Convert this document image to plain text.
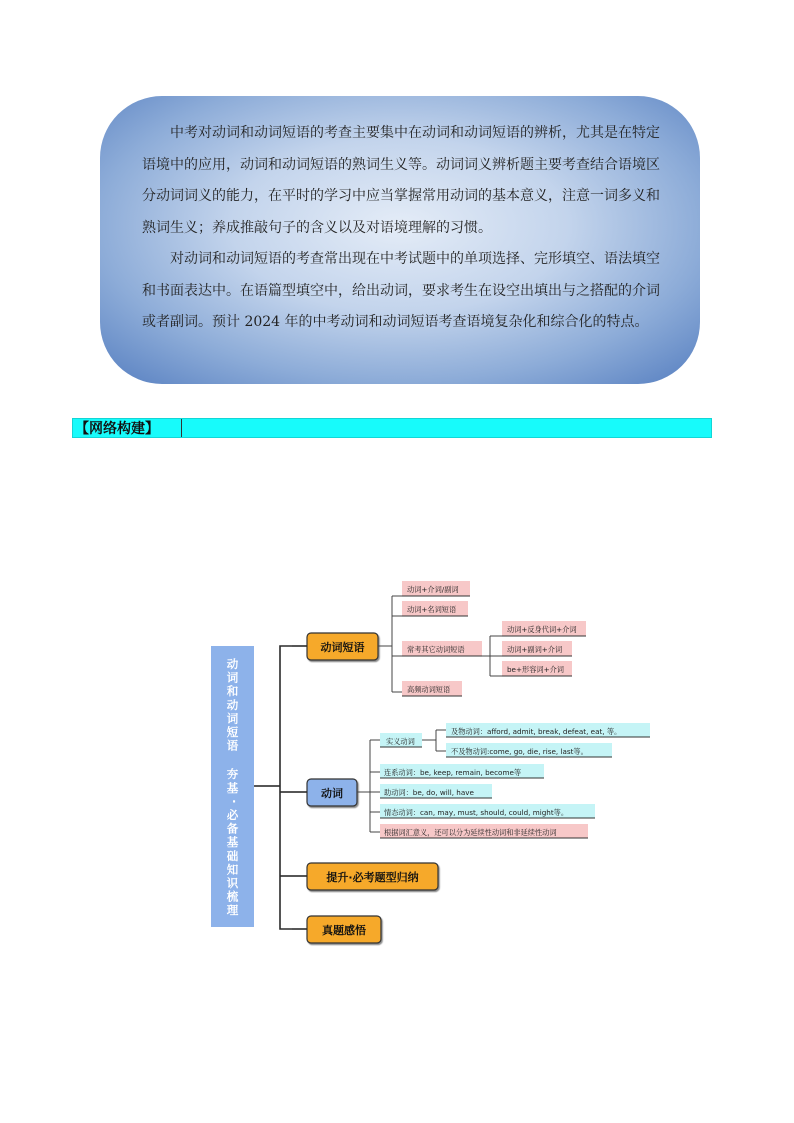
中考对动词和动词短语的考查主要集中在动词和动词短语的辨析，尤其是在特定语境中的应用，动词和动词短语的熟词生义等。动词词义辨析题主要考查结合语境区分动词词义的能力，在平时的学习中应当掌握常用动词的基本意义，注意一词多义和熟词生义；养成推敲句子的含义以及对语境理解的习惯。

对动词和动词短语的考查常出现在中考试题中的单项选择、完形填空、语法填空和书面表达中。在语篇型填空中，给出动词，要求考生在设空出填出与之搭配的介词或者副词。预计 2024 年的中考动词和动词短语考查语境复杂化和综合化的特点。

【网络构建】
动
词
和
动
词
短
语
夯
基
·
必
备
基
础
知
识
梳
理
动词短语
动词
提升·必考题型归纳
真题感悟
动词+介词/副词
动词+名词短语
常考其它动词短语
高频动词短语
动词+反身代词+介词
动词+副词+介词
be+形容词+介词
实义动词
及物动词：afford, admit, break, defeat, eat, 等。
不及物动词:come, go, die, rise, last等。
连系动词：be, keep, remain, become等
助动词：be, do, will, have
情态动词：can, may, must, should, could, might等。
根据词汇意义，还可以分为延续性动词和非延续性动词
